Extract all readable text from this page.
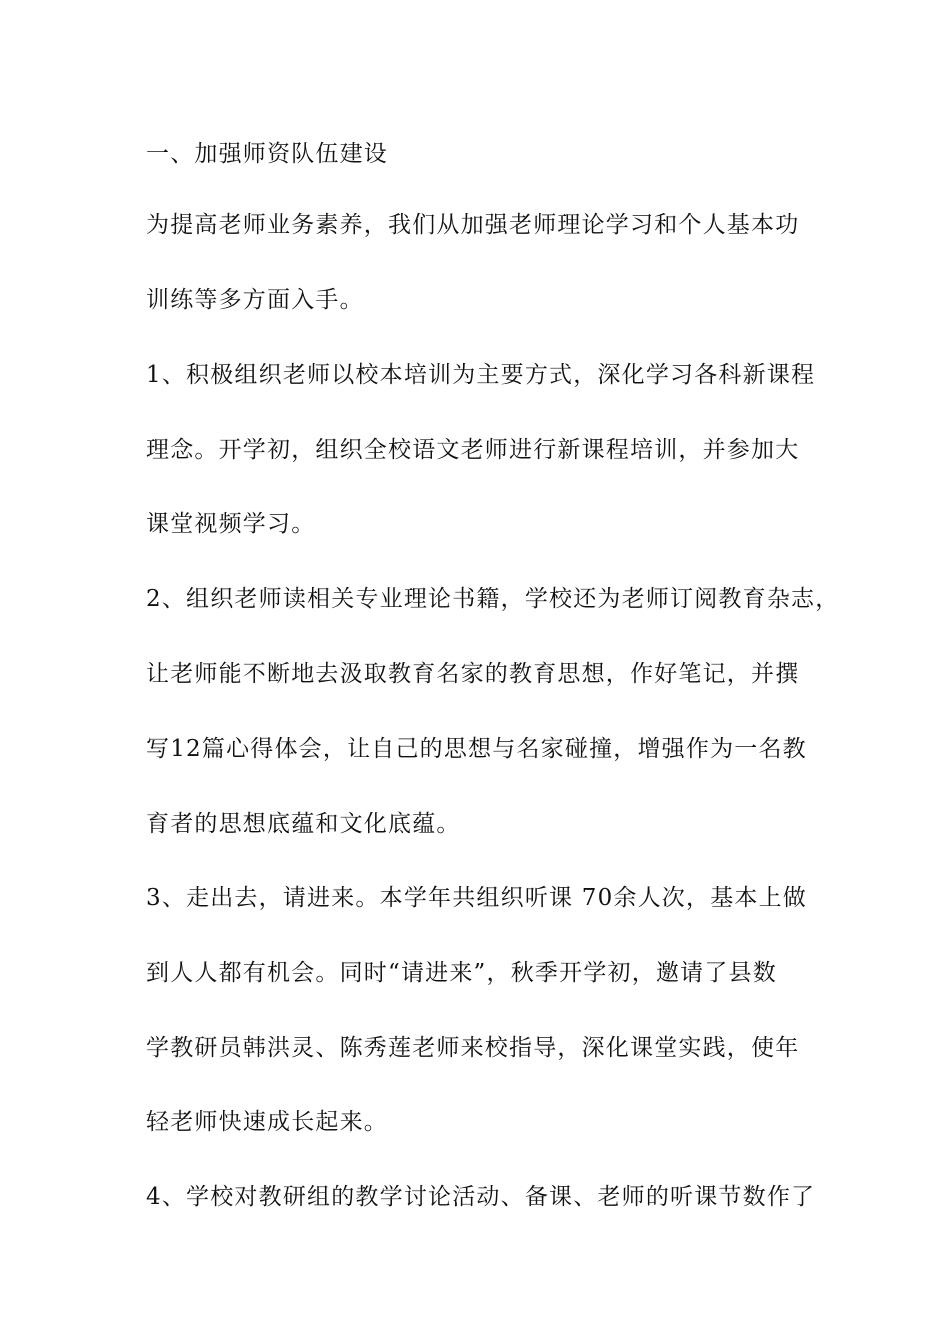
一、加强师资队伍建设
为提高老师业务素养，我们从加强老师理论学习和个人基本功
训练等多方面入手。
1、积极组织老师以校本培训为主要方式，深化学习各科新课程
理念。开学初，组织全校语文老师进行新课程培训，并参加大
课堂视频学习。
2、组织老师读相关专业理论书籍，学校还为老师订阅教育杂志，
让老师能不断地去汲取教育名家的教育思想，作好笔记，并撰
写12篇心得体会，让自己的思想与名家碰撞，增强作为一名教
育者的思想底蕴和文化底蕴。
3、走出去，请进来。本学年共组织听课 70余人次，基本上做
到人人都有机会。同时“请进来”，秋季开学初，邀请了县数
学教研员韩洪灵、陈秀莲老师来校指导，深化课堂实践，使年
轻老师快速成长起来。
4、学校对教研组的教学讨论活动、备课、老师的听课节数作了
